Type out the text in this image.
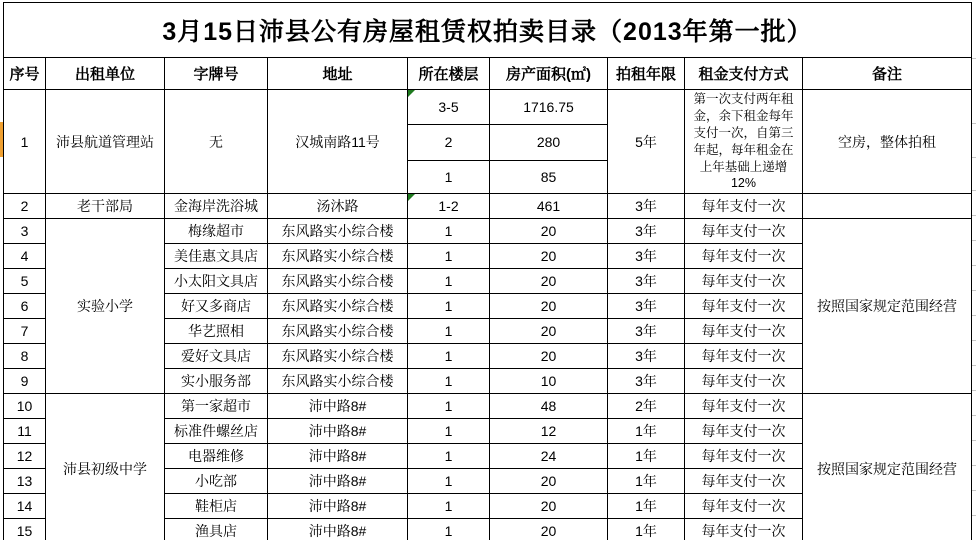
3月15日沛县公有房屋租赁权拍卖目录（2013年第一批）								
序号	出租单位	字牌号	地址	所在楼层	房产面积(㎡)	拍租年限	租金支付方式	备注
1	沛县航道管理站	无	汉城南路11号	3-5	1716.75	5年	第一次支付两年租金，余下租金每年支付一次，自第三年起，每年租金在上年基础上递增12%	空房，整体拍租
				2	280			
				1	85			
2	老干部局	金海岸洗浴城	汤沐路	1-2	461	3年	每年支付一次	
3	实验小学	梅缘超市	东风路实小综合楼	1	20	3年	每年支付一次	按照国家规定范围经营
4		美佳惠文具店	东风路实小综合楼	1	20	3年	每年支付一次	
5		小太阳文具店	东风路实小综合楼	1	20	3年	每年支付一次	
6		好又多商店	东风路实小综合楼	1	20	3年	每年支付一次	
7		华艺照相	东风路实小综合楼	1	20	3年	每年支付一次	
8		爱好文具店	东风路实小综合楼	1	20	3年	每年支付一次	
9		实小服务部	东风路实小综合楼	1	10	3年	每年支付一次	
10	沛县初级中学	第一家超市	沛中路8#	1	48	2年	每年支付一次	按照国家规定范围经营
11		标准件螺丝店	沛中路8#	1	12	1年	每年支付一次	
12		电器维修	沛中路8#	1	24	1年	每年支付一次	
13		小吃部	沛中路8#	1	20	1年	每年支付一次	
14		鞋柜店	沛中路8#	1	20	1年	每年支付一次	
15		渔具店	沛中路8#	1	20	1年	每年支付一次	
